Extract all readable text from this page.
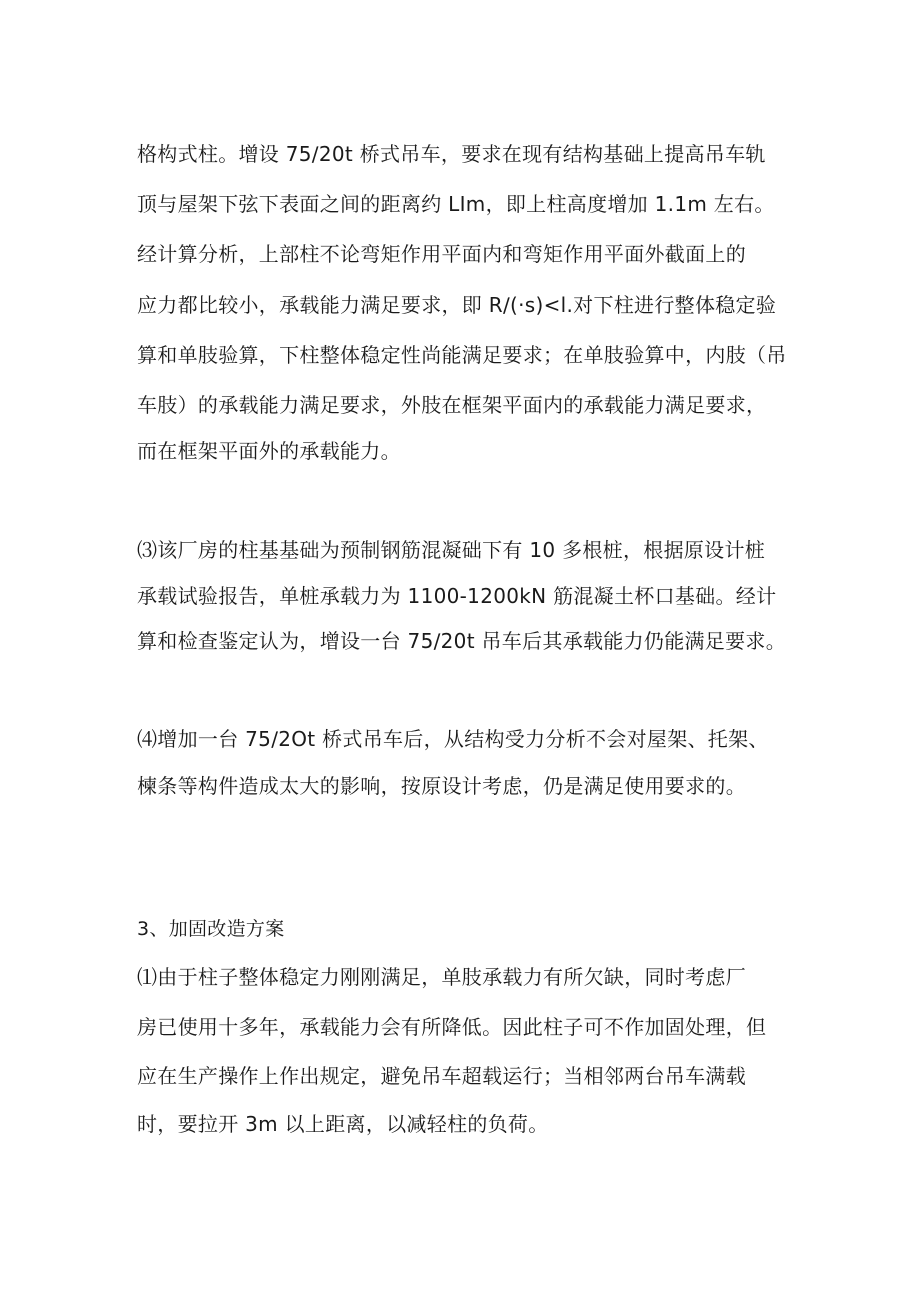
格构式柱。增设 75∕20t 桥式吊车，要求在现有结构基础上提高吊车轨
顶与屋架下弦下表面之间的距离约 LIm，即上柱高度增加 1.1m 左右。
经计算分析，上部柱不论弯矩作用平面内和弯矩作用平面外截面上的
应力都比较小，承载能力满足要求，即 R∕(·s)<l.对下柱进行整体稳定验
算和单肢验算，下柱整体稳定性尚能满足要求；在单肢验算中，内肢（吊
车肢）的承载能力满足要求，外肢在框架平面内的承载能力满足要求，
而在框架平面外的承载能力。
⑶该厂房的柱基基础为预制钢筋混凝础下有 10 多根桩，根据原设计桩
承载试验报告，单桩承载力为 1100-1200kN 筋混凝土杯口基础。经计
算和检查鉴定认为，增设一台 75∕20t 吊车后其承载能力仍能满足要求。
⑷增加一台 75∕2Ot 桥式吊车后，从结构受力分析不会对屋架、托架、
楝条等构件造成太大的影响，按原设计考虑，仍是满足使用要求的。
3、加固改造方案
⑴由于柱子整体稳定力刚刚满足，单肢承载力有所欠缺，同时考虑厂
房已使用十多年，承载能力会有所降低。因此柱子可不作加固处理，但
应在生产操作上作出规定，避免吊车超载运行；当相邻两台吊车满载
时，要拉开 3m 以上距离，以减轻柱的负荷。
